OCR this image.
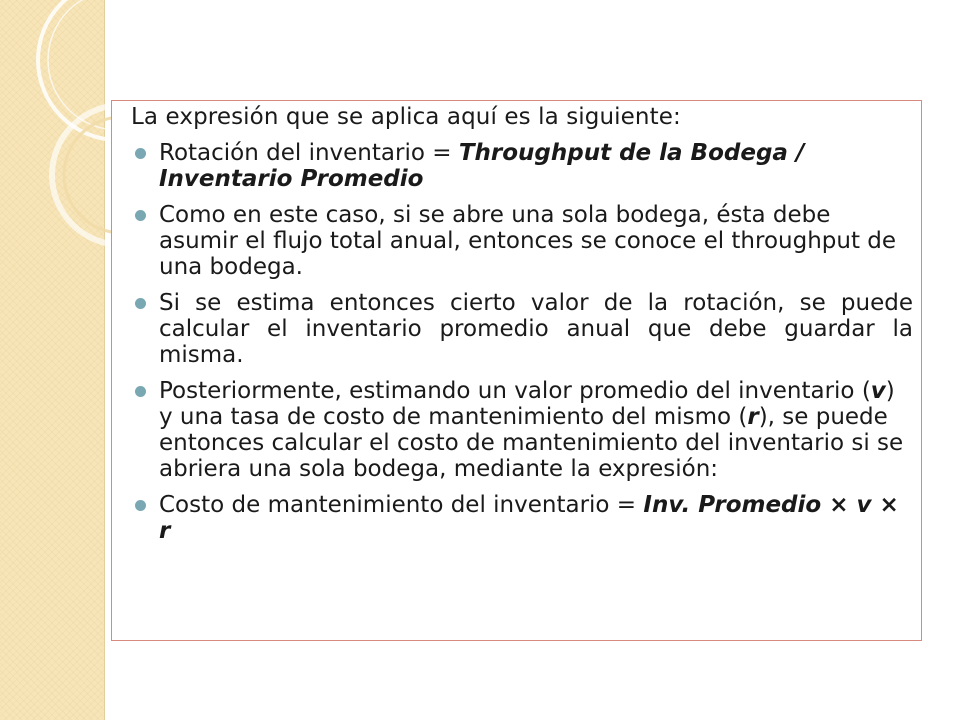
La expresión que se aplica aquí es la siguiente:

Rotación del inventario = Throughput de la Bodega / Inventario Promedio
Como en este caso, si se abre una sola bodega, ésta debe asumir el flujo total anual, entonces se conoce el throughput de una bodega.
Si se estima entonces cierto valor de la rotación, se puede calcular el inventario promedio anual que debe guardar la misma.
Posteriormente, estimando un valor promedio del inventario (v) y una tasa de costo de mantenimiento del mismo (r), se puede entonces calcular el costo de mantenimiento del inventario si se abriera una sola bodega, mediante la expresión:
Costo de mantenimiento del inventario = Inv. Promedio × v × r
